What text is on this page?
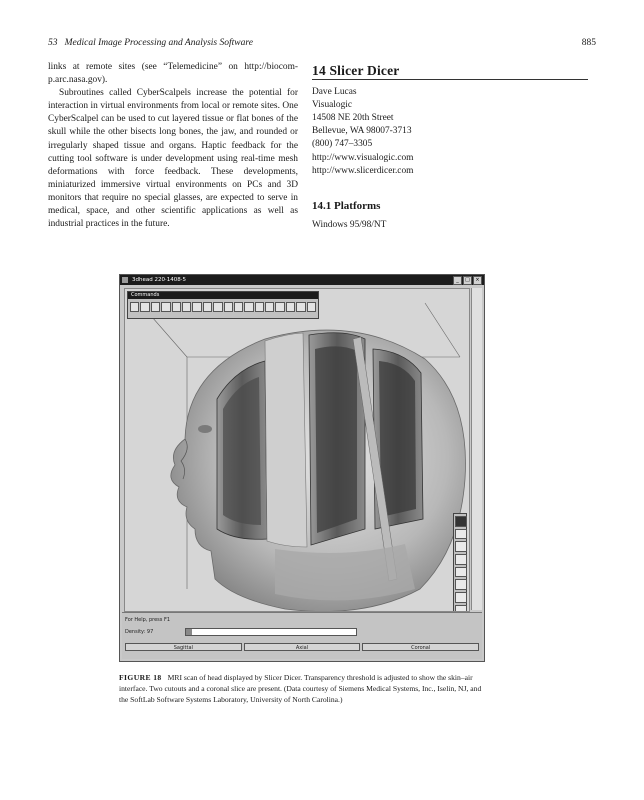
53 Medical Image Processing and Analysis Software	885

links at remote sites (see “Telemedicine” on http://biocom-p.arc.nasa.gov).

Subroutines called CyberScalpels increase the potential for interaction in virtual environments from local or remote sites. One CyberScalpel can be used to cut layered tissue or flat bones of the skull while the other bisects long bones, the jaw, and rounded or irregularly shaped tissue and organs. Haptic feedback for the cutting tool software is under development using real-time mesh deformations with force feedback. These developments, miniaturized immersive virtual environments on PCs and 3D monitors that require no special glasses, are expected to serve in medical, space, and other scientific applications as well as industrial practices in the future.

14 Slicer Dicer
Dave Lucas
Visualogic
14508 NE 20th Street
Bellevue, WA 98007-3713
(800) 747–3305
http://www.visualogic.com
http://www.slicerdicer.com
14.1 Platforms
Windows 95/98/NT
3dhead 220·1408·5	_	□	×
Commands
For Help, press F1
Density: 97
Sagittal	Axial	Coronal
FIGURE 18 MRI scan of head displayed by Slicer Dicer. Transparency threshold is adjusted to show the skin–air interface. Two cutouts and a coronal slice are present. (Data courtesy of Siemens Medical Systems, Inc., Iselin, NJ, and the SoftLab Software Systems Laboratory, University of North Carolina.)
